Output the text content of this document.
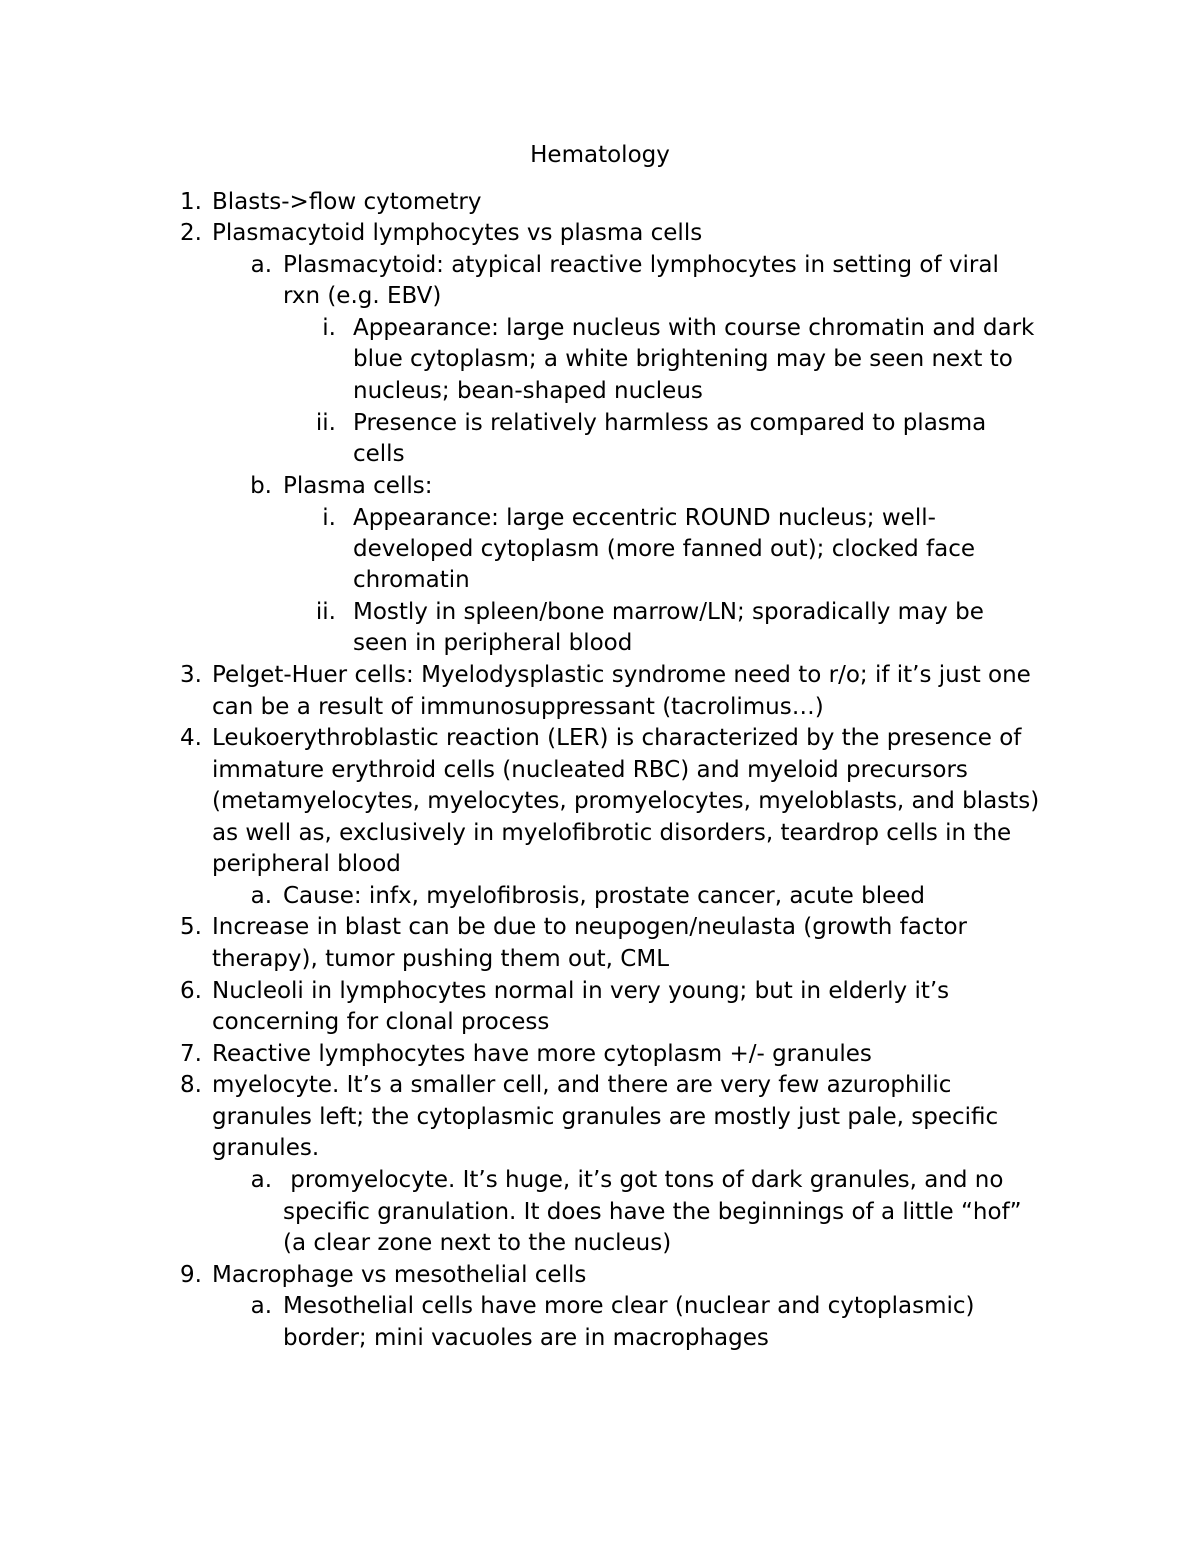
Hematology
1. Blasts->flow cytometry
2. Plasmacytoid lymphocytes vs plasma cells
a. Plasmacytoid: atypical reactive lymphocytes in setting of viral
rxn (e.g. EBV)
i. Appearance: large nucleus with course chromatin and dark
blue cytoplasm; a white brightening may be seen next to
nucleus; bean-shaped nucleus
ii. Presence is relatively harmless as compared to plasma
cells
b. Plasma cells:
i. Appearance: large eccentric ROUND nucleus; well-
developed cytoplasm (more fanned out); clocked face
chromatin
ii. Mostly in spleen/bone marrow/LN; sporadically may be
seen in peripheral blood
3. Pelget-Huer cells: Myelodysplastic syndrome need to r/o; if it’s just one
can be a result of immunosuppressant (tacrolimus…)
4. Leukoerythroblastic reaction (LER) is characterized by the presence of
immature erythroid cells (nucleated RBC) and myeloid precursors
(metamyelocytes, myelocytes, promyelocytes, myeloblasts, and blasts)
as well as, exclusively in myelofibrotic disorders, teardrop cells in the
peripheral blood
a. Cause: infx, myelofibrosis, prostate cancer, acute bleed
5. Increase in blast can be due to neupogen/neulasta (growth factor
therapy), tumor pushing them out, CML
6. Nucleoli in lymphocytes normal in very young; but in elderly it’s
concerning for clonal process
7. Reactive lymphocytes have more cytoplasm +/- granules
8. myelocyte. It’s a smaller cell, and there are very few azurophilic
granules left; the cytoplasmic granules are mostly just pale, specific
granules.
a. promyelocyte. It’s huge, it’s got tons of dark granules, and no
specific granulation. It does have the beginnings of a little “hof”
(a clear zone next to the nucleus)
9. Macrophage vs mesothelial cells
a. Mesothelial cells have more clear (nuclear and cytoplasmic)
border; mini vacuoles are in macrophages
